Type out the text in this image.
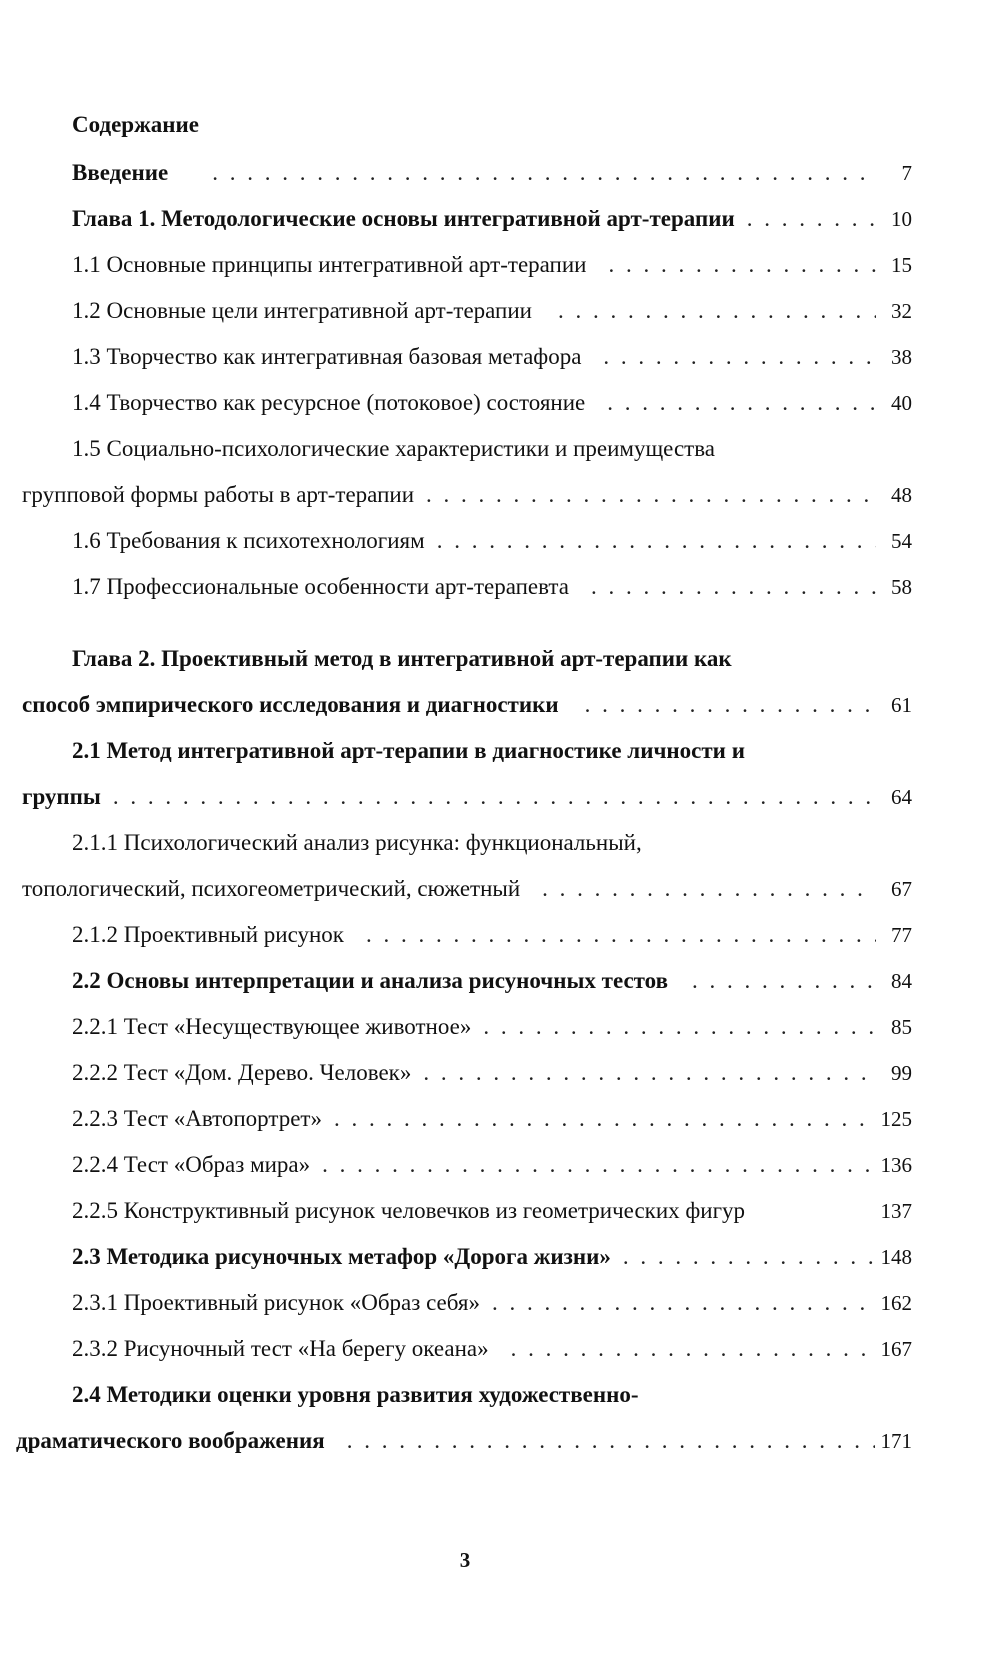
Содержание
Введение . . .	7
Глава 1. Методологические основы интегративной арт-терапии . . .	10
1.1 Основные принципы интегративной арт-терапии . . .	15
1.2 Основные цели интегративной арт-терапии . . .	32
1.3 Творчество как интегративная базовая метафора . . .	38
1.4 Творчество как ресурсное (потоковое) состояние . . .	40
1.5 Социально-психологические характеристики и преимущества
групповой формы работы в арт-терапии . . .	48
1.6 Требования к психотехнологиям . . .	54
1.7 Профессиональные особенности арт-терапевта . . .	58
Глава 2. Проективный метод в интегративной арт-терапии как
способ эмпирического исследования и диагностики . . .	61
2.1 Метод интегративной арт-терапии в диагностике личности и
группы . . .	64
2.1.1 Психологический анализ рисунка: функциональный,
топологический, психогеометрический, сюжетный . . .	67
2.1.2 Проективный рисунок . . .	77
2.2 Основы интерпретации и анализа рисуночных тестов . . .	84
2.2.1 Тест «Несуществующее животное» . . .	85
2.2.2 Тест «Дом. Дерево. Человек» . . .	99
2.2.3 Тест «Автопортрет» . . .	125
2.2.4 Тест «Образ мира» . . .	136
2.2.5 Конструктивный рисунок человечков из геометрических фигур	137
2.3 Методика рисуночных метафор «Дорога жизни» . . .	148
2.3.1 Проективный рисунок «Образ себя» . . .	162
2.3.2 Рисуночный тест «На берегу океана» . . .	167
2.4 Методики оценки уровня развития художественно-
драматического воображения . . .	171
3
